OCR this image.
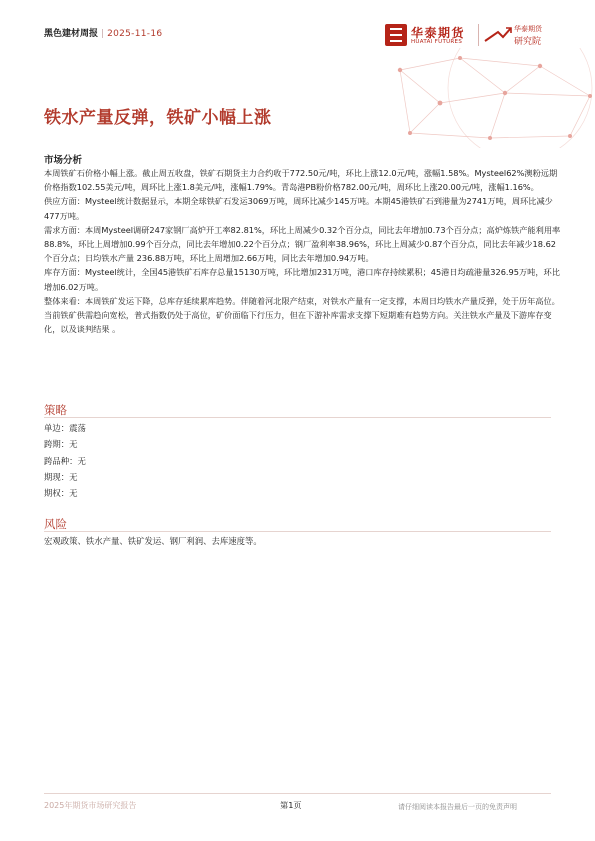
黑色建材周报 | 2025-11-16	华泰期货
HUATAI FUTURES
华泰期货
研究院
铁水产量反弹，铁矿小幅上涨
市场分析

本周铁矿石价格小幅上涨。截止周五收盘，铁矿石期货主力合约收于772.50元/吨，环比上涨12.0元/吨，涨幅1.58%。Mysteel62%澳粉远期价格指数102.55美元/吨，周环比上涨1.8美元/吨，涨幅1.79%。青岛港PB粉价格782.00元/吨，周环比上涨20.00元/吨，涨幅1.16%。

供应方面：Mysteel统计数据显示，本期全球铁矿石发运3069万吨，周环比减少145万吨。本期45港铁矿石到港量为2741万吨，周环比减少477万吨。

需求方面：本周Mysteel调研247家钢厂高炉开工率82.81%，环比上周减少0.32个百分点，同比去年增加0.73个百分点；高炉炼铁产能利用率88.8%，环比上周增加0.99个百分点，同比去年增加0.22个百分点；钢厂盈利率38.96%，环比上周减少0.87个百分点，同比去年减少18.62个百分点；日均铁水产量 236.88万吨，环比上周增加2.66万吨，同比去年增加0.94万吨。

库存方面：Mysteel统计，全国45港铁矿石库存总量15130万吨，环比增加231万吨，港口库存持续累积；45港日均疏港量326.95万吨，环比增加6.02万吨。

整体来看：本周铁矿发运下降，总库存延续累库趋势。伴随着河北限产结束，对铁水产量有一定支撑，本周日均铁水产量反弹，处于历年高位。当前铁矿供需趋向宽松，普式指数仍处于高位，矿价面临下行压力，但在下游补库需求支撑下短期难有趋势方向。关注铁水产量及下游库存变化，以及谈判结果 。

策略
单边：震荡
跨期：无
跨品种：无
期现：无
期权：无
风险
宏观政策、铁水产量、铁矿发运、钢厂利润、去库速度等。
2025年期货市场研究报告	第1页	请仔细阅读本报告最后一页的免责声明
